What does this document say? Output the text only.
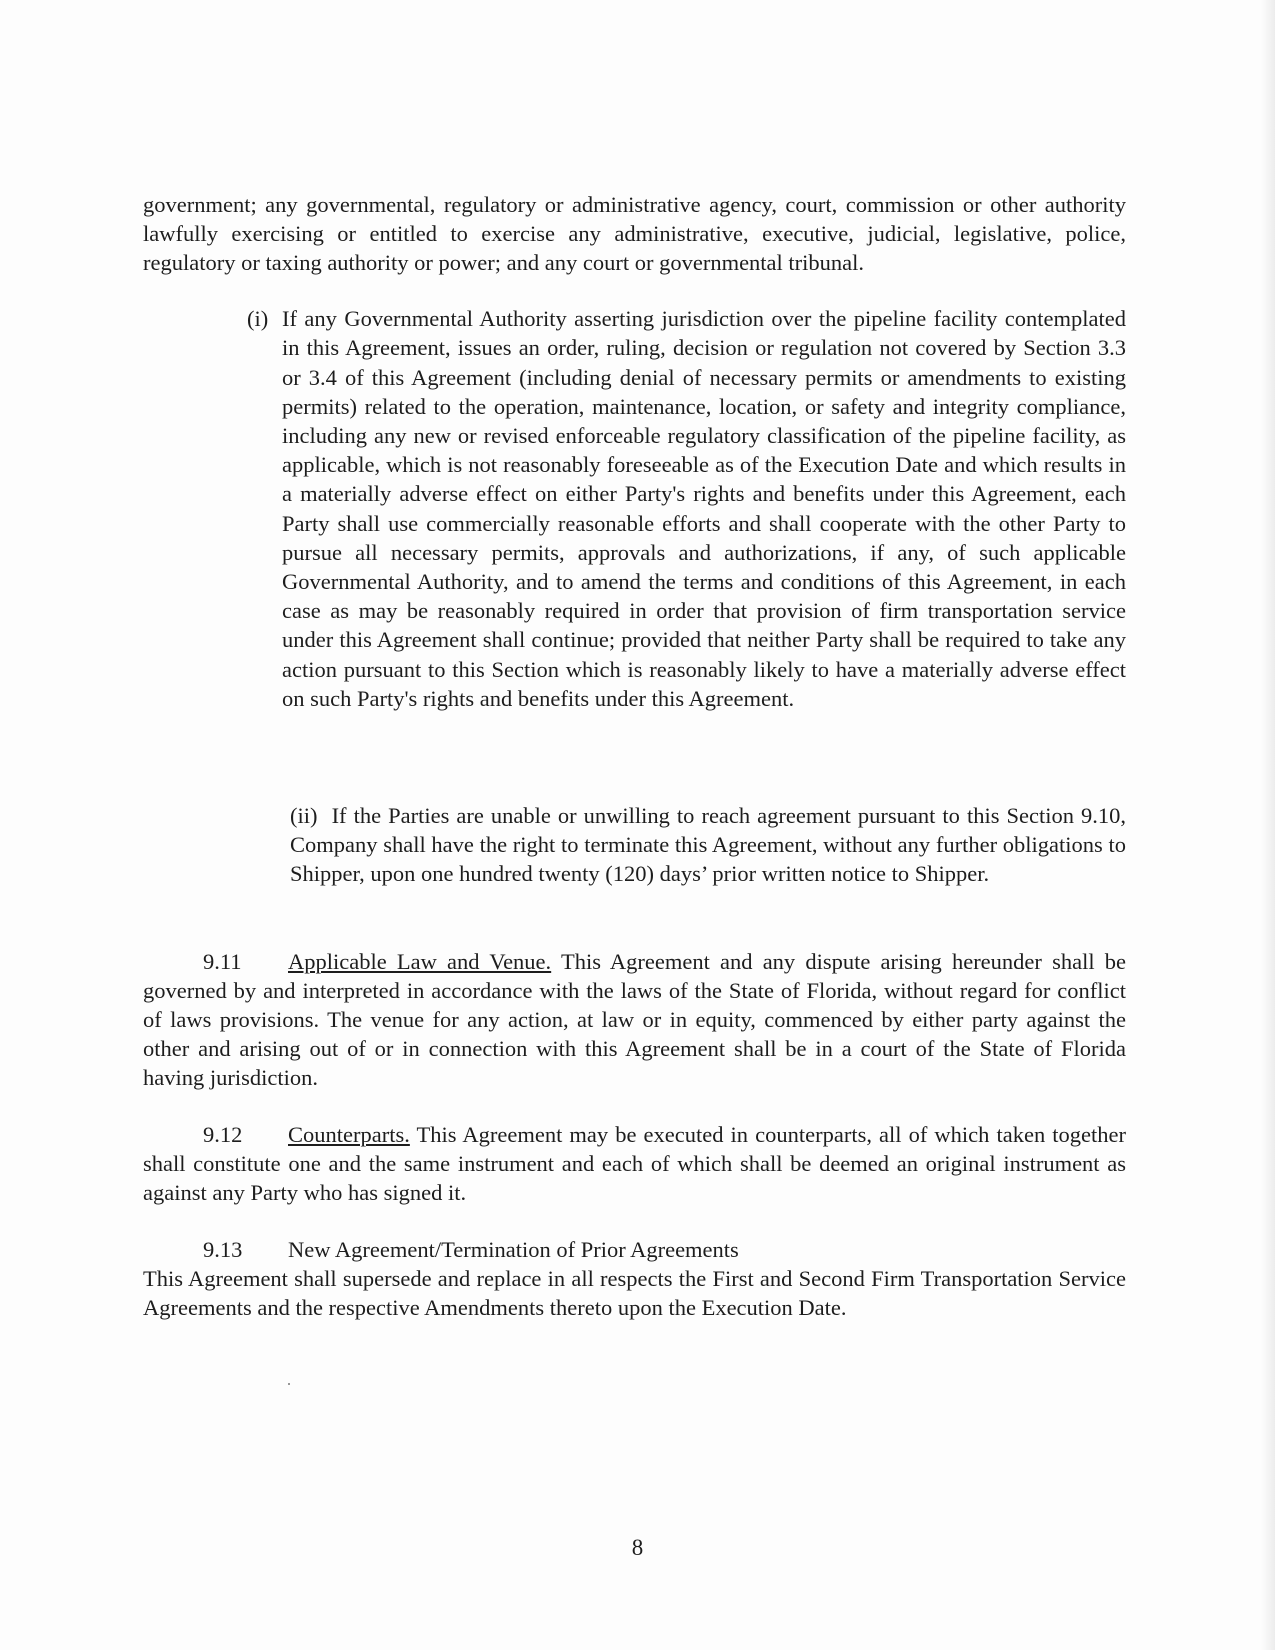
government; any governmental, regulatory or administrative agency, court, commission or other authority lawfully exercising or entitled to exercise any administrative, executive, judicial, legislative, police, regulatory or taxing authority or power; and any court or governmental tribunal.

(i) If any Governmental Authority asserting jurisdiction over the pipeline facility contemplated in this Agreement, issues an order, ruling, decision or regulation not covered by Section 3.3 or 3.4 of this Agreement (including denial of necessary permits or amendments to existing permits) related to the operation, maintenance, location, or safety and integrity compliance, including any new or revised enforceable regulatory classification of the pipeline facility, as applicable, which is not reasonably foreseeable as of the Execution Date and which results in a materially adverse effect on either Party's rights and benefits under this Agreement, each Party shall use commercially reasonable efforts and shall cooperate with the other Party to pursue all necessary permits, approvals and authorizations, if any, of such applicable Governmental Authority, and to amend the terms and conditions of this Agreement, in each case as may be reasonably required in order that provision of firm transportation service under this Agreement shall continue; provided that neither Party shall be required to take any action pursuant to this Section which is reasonably likely to have a materially adverse effect on such Party's rights and benefits under this Agreement.

(ii) If the Parties are unable or unwilling to reach agreement pursuant to this Section 9.10, Company shall have the right to terminate this Agreement, without any further obligations to Shipper, upon one hundred twenty (120) days’ prior written notice to Shipper.

9.11 Applicable Law and Venue. This Agreement and any dispute arising hereunder shall be governed by and interpreted in accordance with the laws of the State of Florida, without regard for conflict of laws provisions. The venue for any action, at law or in equity, commenced by either party against the other and arising out of or in connection with this Agreement shall be in a court of the State of Florida having jurisdiction.

9.12 Counterparts. This Agreement may be executed in counterparts, all of which taken together shall constitute one and the same instrument and each of which shall be deemed an original instrument as against any Party who has signed it.

9.13 New Agreement/Termination of Prior Agreements
This Agreement shall supersede and replace in all respects the First and Second Firm Transportation Service Agreements and the respective Amendments thereto upon the Execution Date.
8
